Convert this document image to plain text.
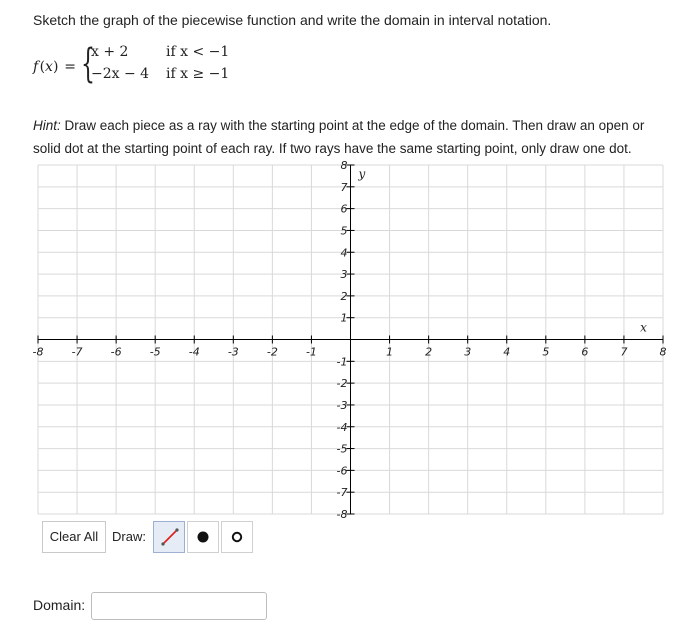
Sketch the graph of the piecewise function and write the domain in interval notation.
f (x)  = {
x + 2	if x < −1
−2x − 4 if x ≥ −1
Hint: Draw each piece as a ray with the starting point at the edge of the domain. Then draw an open or solid dot at the starting point of each ray. If two rays have the same starting point, only draw one dot.
-8	-7	-6	-5	-4	-3	-2	-1	1	2	3	4	5	6	7	8
8
7
6
5
4
3
2
1
-1
-2
-3
-4
-5
-6
-7
-8
x
y
Clear All	Draw:
Domain:
